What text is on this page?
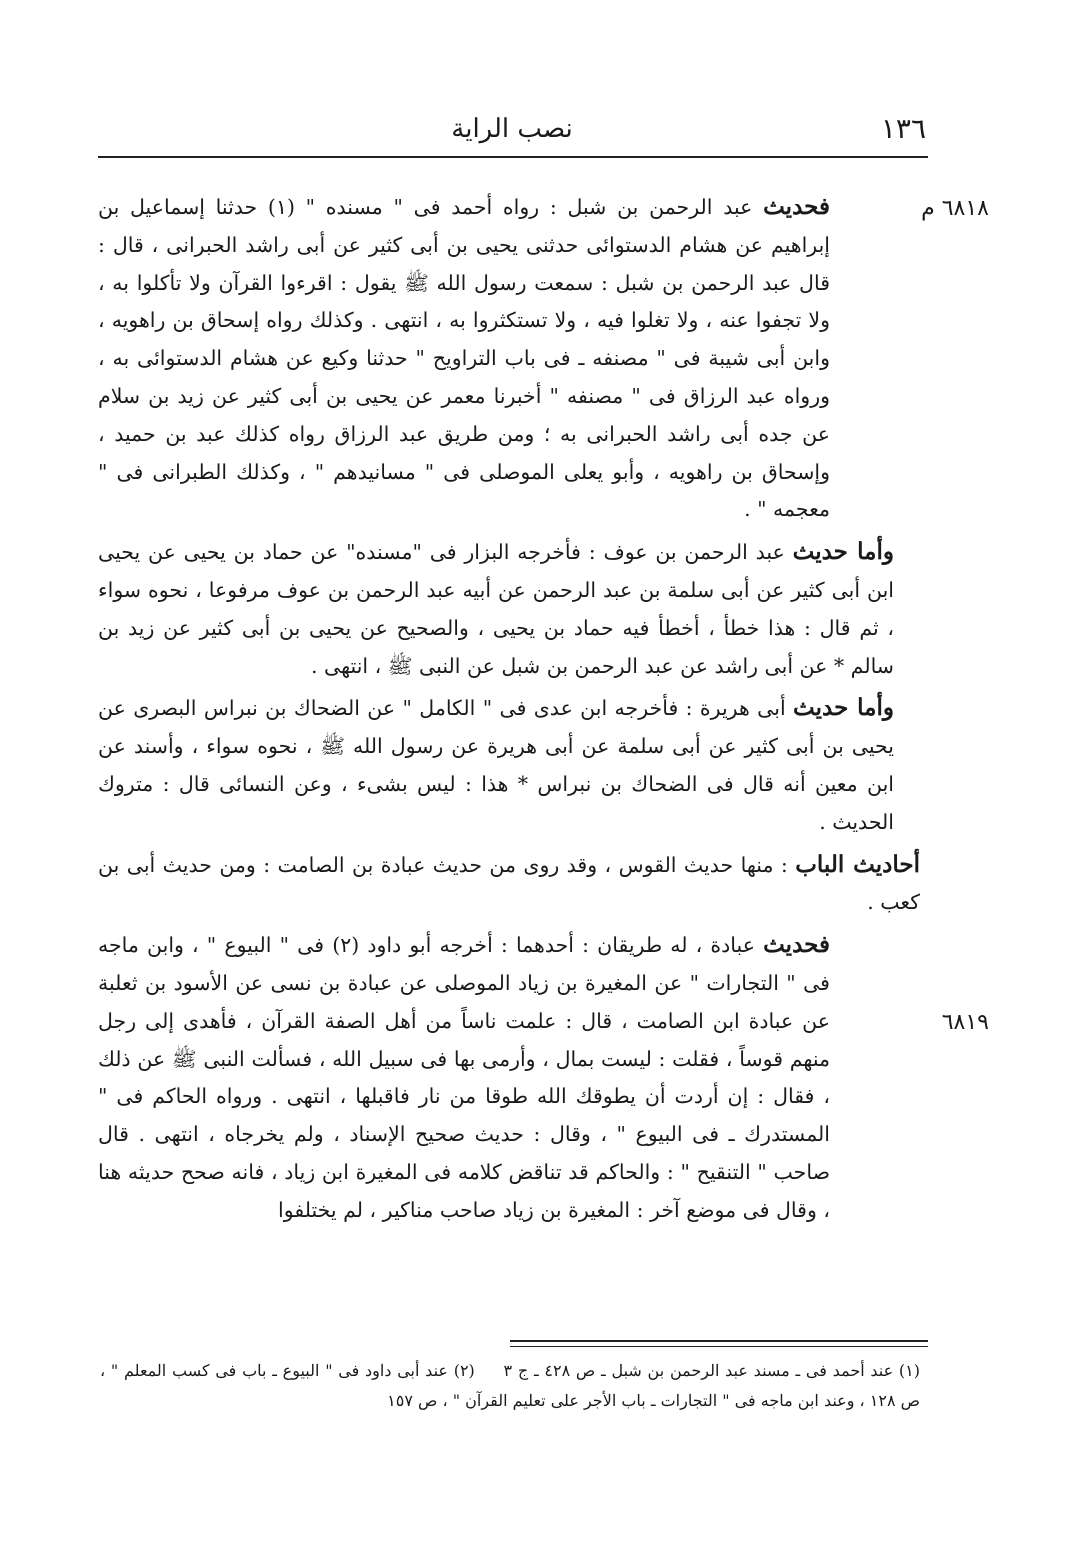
١٣٦
نصب الراية

فحديث عبد الرحمن بن شبل : رواه أحمد فى " مسنده " (١) حدثنا إسماعيل بن إبراهيم عن هشام الدستوائى حدثنى يحيى بن أبى كثير عن أبى راشد الحبرانى ، قال : قال عبد الرحمن بن شبل : سمعت رسول الله ﷺ يقول : اقرءوا القرآن ولا تأكلوا به ، ولا تجفوا عنه ، ولا تغلوا فيه ، ولا تستكثروا به ، انتهى . وكذلك رواه إسحاق بن راهويه ، وابن أبى شيبة فى " مصنفه ـ فى باب التراويح " حدثنا وكيع عن هشام الدستوائى به ، ورواه عبد الرزاق فى " مصنفه " أخبرنا معمر عن يحيى بن أبى كثير عن زيد بن سلام عن جده أبى راشد الحبرانى به ؛ ومن طريق عبد الرزاق رواه كذلك عبد بن حميد ، وإسحاق بن راهويه ، وأبو يعلى الموصلى فى " مسانيدهم " ، وكذلك الطبرانى فى " معجمه " .

وأما حديث عبد الرحمن بن عوف : فأخرجه البزار فى "مسنده" عن حماد بن يحيى عن يحيى ابن أبى كثير عن أبى سلمة بن عبد الرحمن عن أبيه عبد الرحمن بن عوف مرفوعا ، نحوه سواء ، ثم قال : هذا خطأ ، أخطأ فيه حماد بن يحيى ، والصحيح عن يحيى بن أبى كثير عن زيد بن سالم * عن أبى راشد عن عبد الرحمن بن شبل عن النبى ﷺ ، انتهى .

وأما حديث أبى هريرة : فأخرجه ابن عدى فى " الكامل " عن الضحاك بن نبراس البصرى عن يحيى بن أبى كثير عن أبى سلمة عن أبى هريرة عن رسول الله ﷺ ، نحوه سواء ، وأسند عن ابن معين أنه قال فى الضحاك بن نبراس * هذا : ليس بشىء ، وعن النسائى قال : متروك الحديث .

أحاديث الباب : منها حديث القوس ، وقد روى من حديث عبادة بن الصامت : ومن حديث أبى بن كعب .

فحديث عبادة ، له طريقان : أحدهما : أخرجه أبو داود (٢) فى " البيوع " ، وابن ماجه فى " التجارات " عن المغيرة بن زياد الموصلى عن عبادة بن نسى عن الأسود بن ثعلبة عن عبادة ابن الصامت ، قال : علمت ناساً من أهل الصفة القرآن ، فأهدى إلى رجل منهم قوساً ، فقلت : ليست بمال ، وأرمى بها فى سبيل الله ، فسألت النبى ﷺ عن ذلك ، فقال : إن أردت أن يطوقك الله طوقا من نار فاقبلها ، انتهى . ورواه الحاكم فى " المستدرك ـ فى البيوع " ، وقال : حديث صحيح الإسناد ، ولم يخرجاه ، انتهى . قال صاحب " التنقيح " : والحاكم قد تناقض كلامه فى المغيرة ابن زياد ، فانه صحح حديثه هنا ، وقال فى موضع آخر : المغيرة بن زياد صاحب مناكير ، لم يختلفوا

٦٨١٨ م
٦٨١٩
(١) عند أحمد فى ـ مسند عبد الرحمن بن شبل ـ ص ٤٢٨ ـ ج ٣     (٢) عند أبى داود فى " البيوع ـ باب فى كسب المعلم " ، ص ١٢٨ ، وعند ابن ماجه فى " التجارات ـ باب الأجر على تعليم القرآن " ، ص ١٥٧
